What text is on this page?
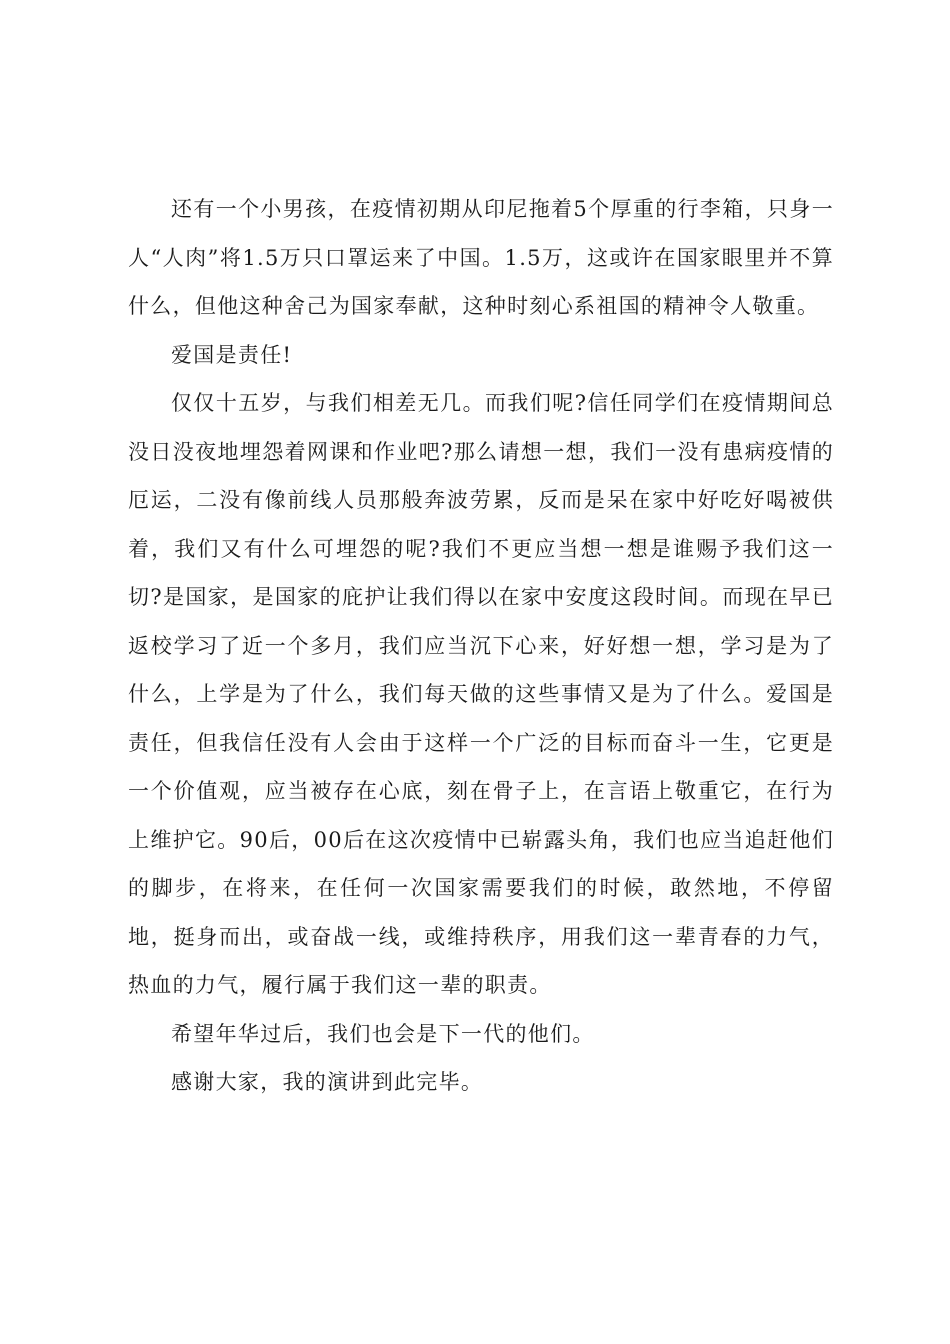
还有一个小男孩，在疫情初期从印尼拖着5个厚重的行李箱，只身一人“人肉”将1.5万只口罩运来了中国。1.5万，这或许在国家眼里并不算什么，但他这种舍己为国家奉献，这种时刻心系祖国的精神令人敬重。

爱国是责任!

仅仅十五岁，与我们相差无几。而我们呢?信任同学们在疫情期间总没日没夜地埋怨着网课和作业吧?那么请想一想，我们一没有患病疫情的厄运，二没有像前线人员那般奔波劳累，反而是呆在家中好吃好喝被供着，我们又有什么可埋怨的呢?我们不更应当想一想是谁赐予我们这一切?是国家，是国家的庇护让我们得以在家中安度这段时间。而现在早已返校学习了近一个多月，我们应当沉下心来，好好想一想，学习是为了什么，上学是为了什么，我们每天做的这些事情又是为了什么。爱国是责任，但我信任没有人会由于这样一个广泛的目标而奋斗一生，它更是一个价值观，应当被存在心底，刻在骨子上，在言语上敬重它，在行为上维护它。90后，00后在这次疫情中已崭露头角，我们也应当追赶他们的脚步，在将来，在任何一次国家需要我们的时候，敢然地，不停留地，挺身而出，或奋战一线，或维持秩序，用我们这一辈青春的力气，热血的力气，履行属于我们这一辈的职责。

希望年华过后，我们也会是下一代的他们。

感谢大家，我的演讲到此完毕。
